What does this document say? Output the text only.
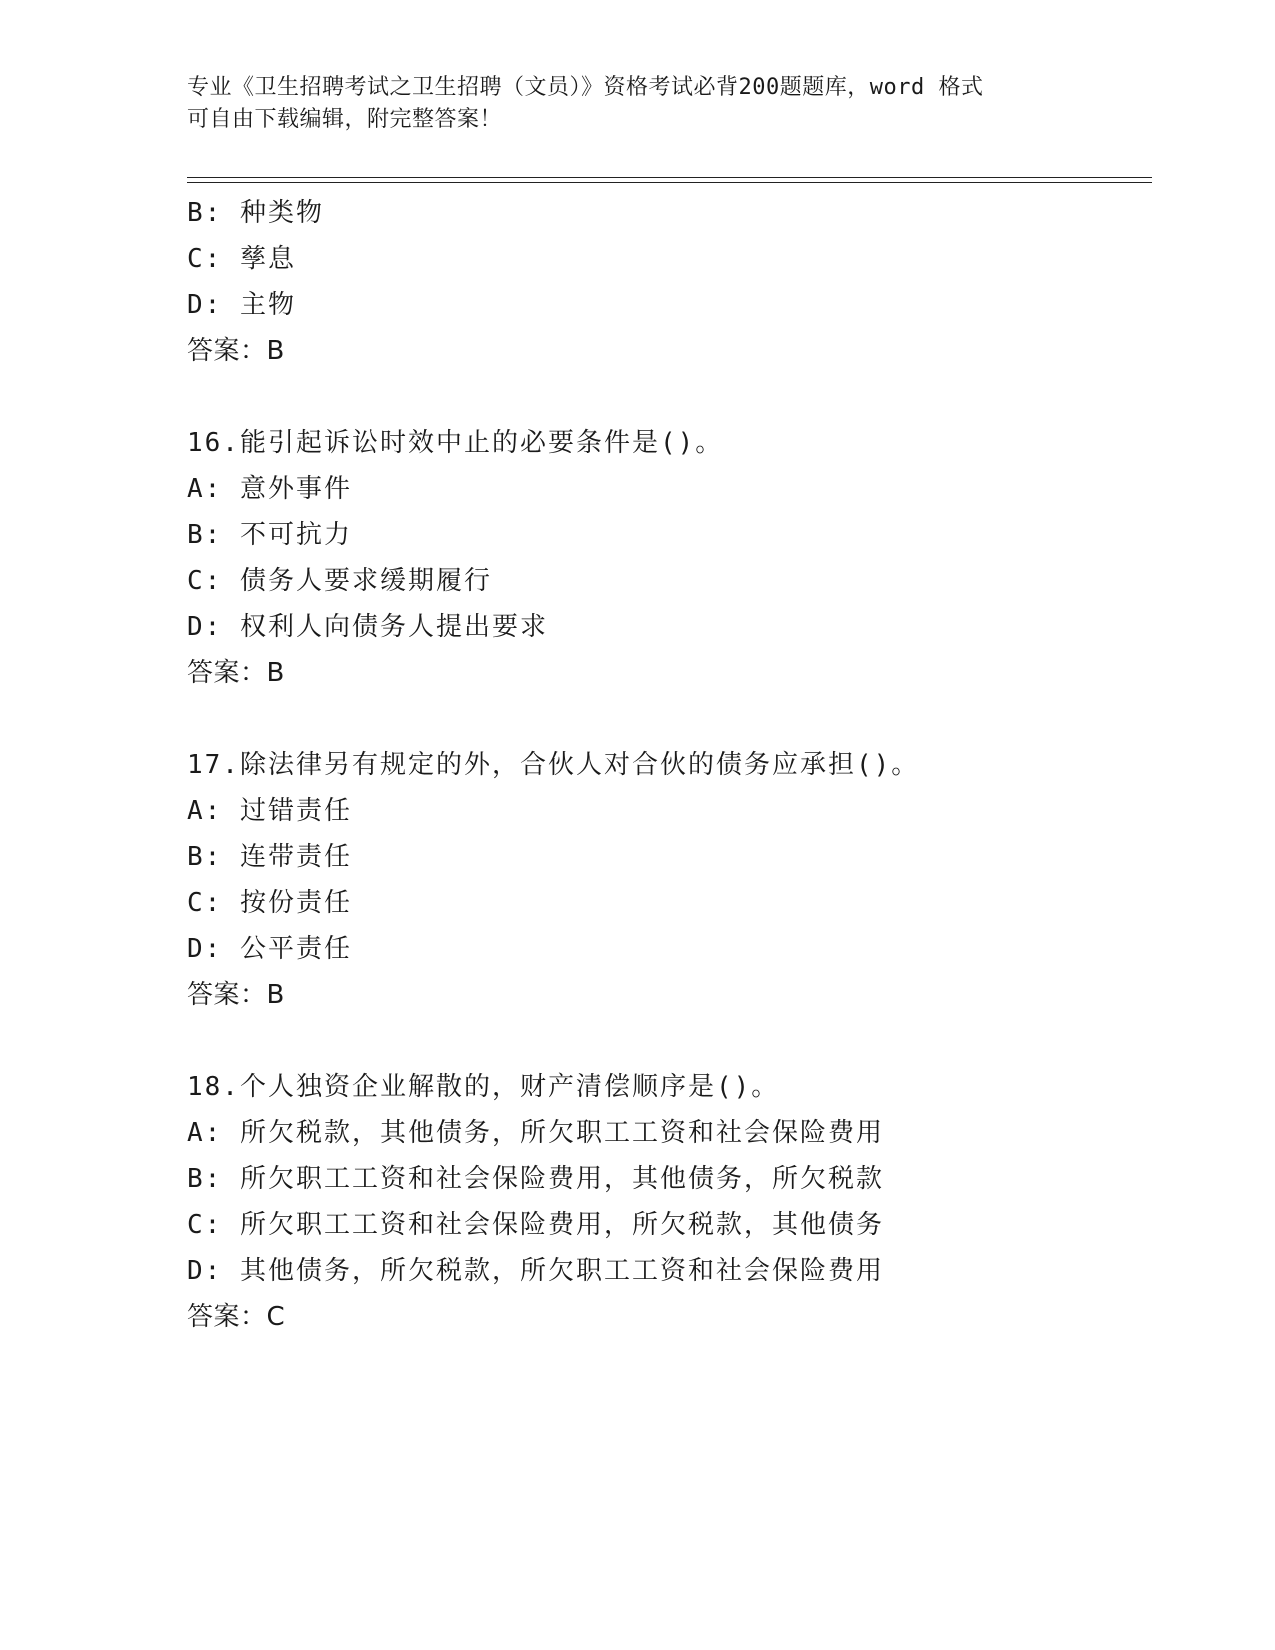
专业《卫生招聘考试之卫生招聘（文员）》资格考试必背200题题库，word 格式
可自由下载编辑，附完整答案！
B: 种类物
C: 孳息
D: 主物
答案：B
16.能引起诉讼时效中止的必要条件是()。
A: 意外事件
B: 不可抗力
C: 债务人要求缓期履行
D: 权利人向债务人提出要求
答案：B
17.除法律另有规定的外，合伙人对合伙的债务应承担()。
A: 过错责任
B: 连带责任
C: 按份责任
D: 公平责任
答案：B
18.个人独资企业解散的，财产清偿顺序是()。
A: 所欠税款，其他债务，所欠职工工资和社会保险费用
B: 所欠职工工资和社会保险费用，其他债务，所欠税款
C: 所欠职工工资和社会保险费用，所欠税款，其他债务
D: 其他债务，所欠税款，所欠职工工资和社会保险费用
答案：C
